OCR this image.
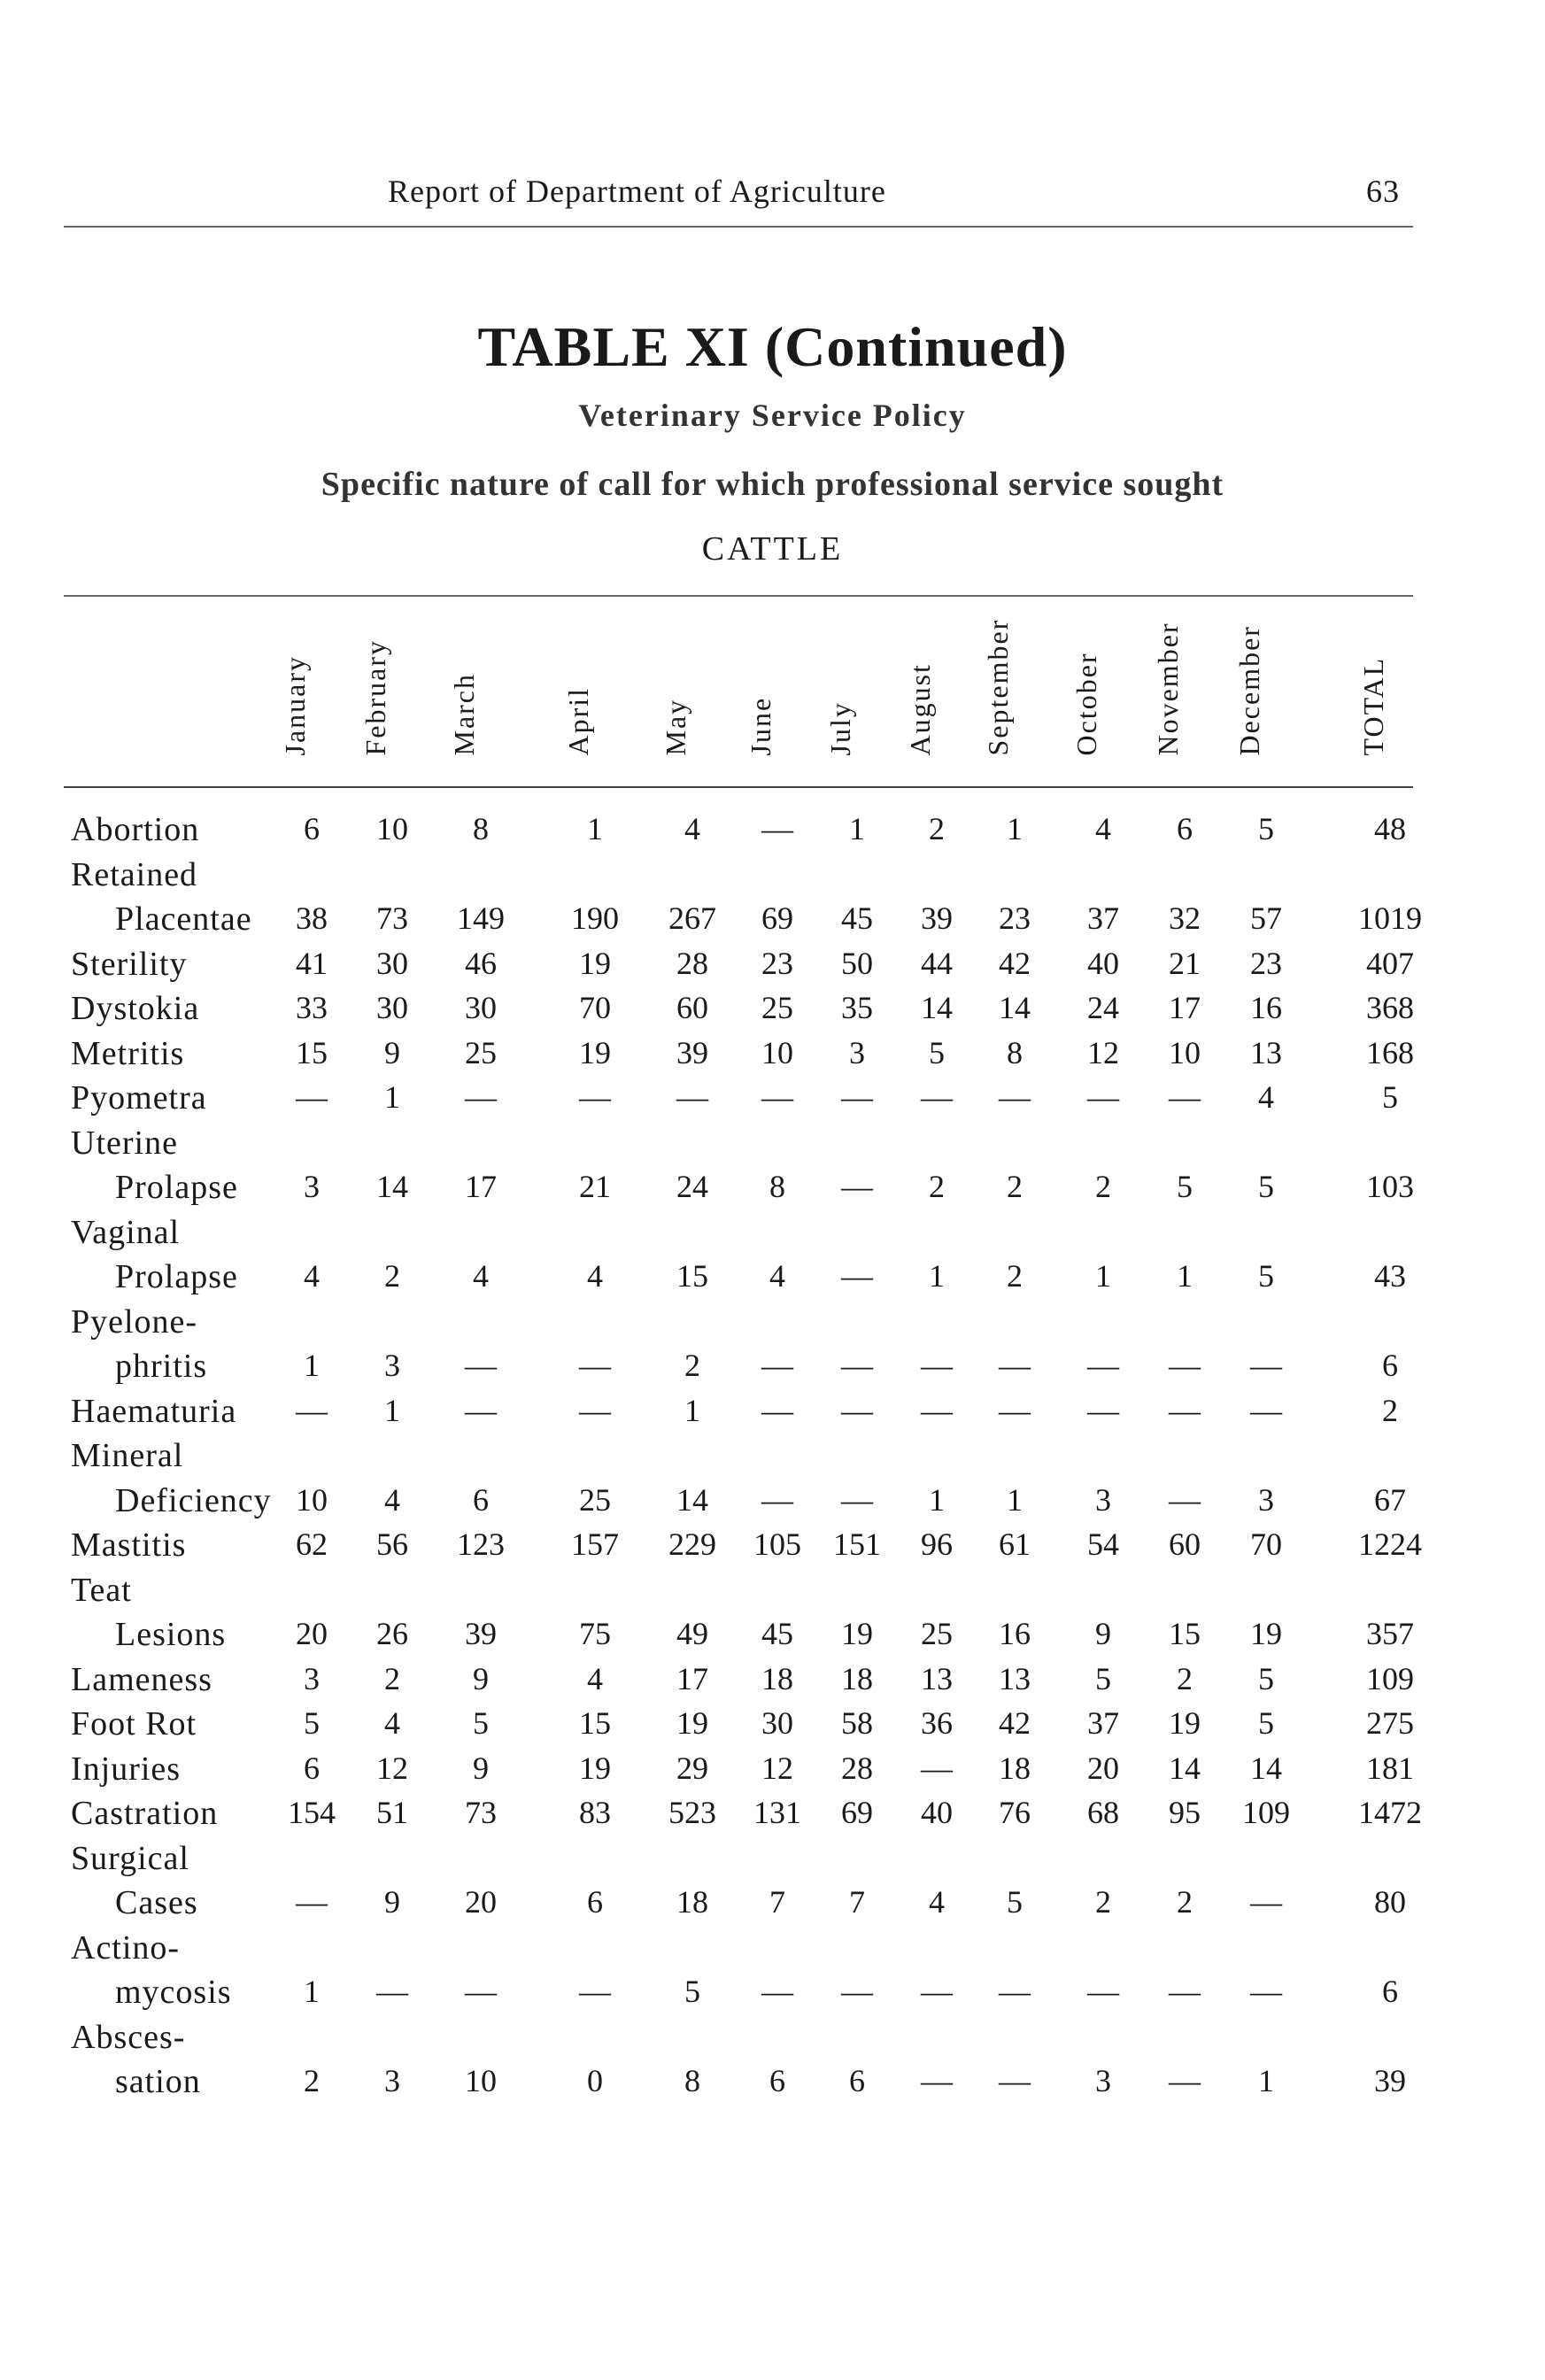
Report of Department of Agriculture	63
TABLE XI (Continued)
Veterinary Service Policy
Specific nature of call for which professional service sought
CATTLE
January February March	April May June July August September October November December	TOTAL
Abortion	6	10	8	1	4	—	1	2	1	4	6	5	48
Retained
Placentae	38	73	149	190	267	69	45	39	23	37	32	57	1019
Sterility	41	30	46	19	28	23	50	44	42	40	21	23	407
Dystokia	33	30	30	70	60	25	35	14	14	24	17	16	368
Metritis	15	9	25	19	39	10	3	5	8	12	10	13	168
Pyometra	—	1	—	—	—	—	—	—	—	—	—	4	5
Uterine
Prolapse	3	14	17	21	24	8	—	2	2	2	5	5	103
Vaginal
Prolapse	4	2	4	4	15	4	—	1	2	1	1	5	43
Pyelone-
phritis	1	3	—	—	2	—	—	—	—	—	—	—	6
Haematuria	—	1	—	—	1	—	—	—	—	—	—	—	2
Mineral
Deficiency 10	4	6	25	14	—	—	1	1	3	—	3	67
Mastitis	62	56	123	157	229	105	151	96	61	54	60	70	1224
Teat
Lesions	20	26	39	75	49	45	19	25	16	9	15	19	357
Lameness	3	2	9	4	17	18	18	13	13	5	2	5	109
Foot Rot	5	4	5	15	19	30	58	36	42	37	19	5	275
Injuries	6	12	9	19	29	12	28	—	18	20	14	14	181
Castration	154	51	73	83	523	131	69	40	76	68	95	109	1472
Surgical
Cases	—	9	20	6	18	7	7	4	5	2	2	—	80
Actino-
mycosis	1	—	—	—	5	—	—	—	—	—	—	—	6
Absces-
sation	2	3	10	0	8	6	6	—	—	3	—	1	39
